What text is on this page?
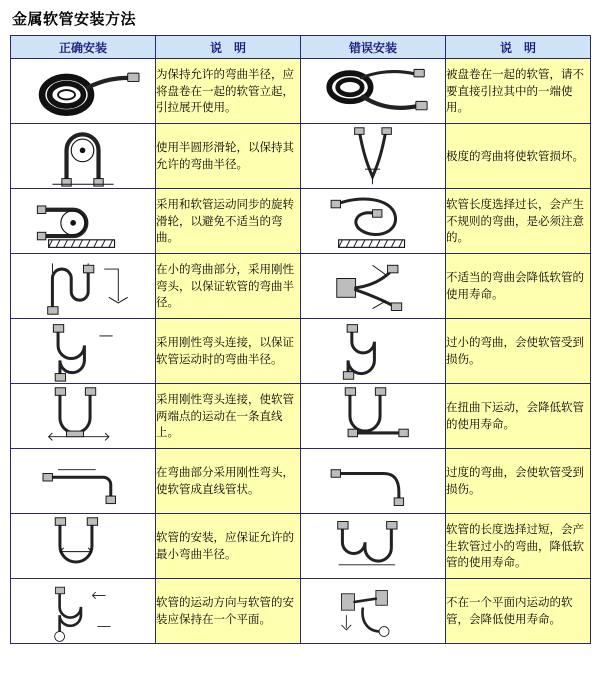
金属软管安装方法
正确安装	说　明	错误安装	说　明

	为保持允许的弯曲半径，应将盘卷在一起的软管立起，引拉展开使用。		被盘卷在一起的软管，请不要直接引拉其中的一端使用。

	使用半圆形滑轮，以保持其允许的弯曲半径。		极度的弯曲将使软管损坏。

	采用和软管运动同步的旋转滑轮，以避免不适当的弯曲。		软管长度选择过长，会产生不规则的弯曲，是必须注意的。

	在小的弯曲部分，采用刚性弯头，以保证软管的弯曲半径。		不适当的弯曲会降低软管的使用寿命。

	采用刚性弯头连接，以保证软管运动时的弯曲半径。		过小的弯曲，会使软管受到损伤。

	采用刚性弯头连接，使软管两端点的运动在一条直线上。		在扭曲下运动，会降低软管的使用寿命。

	在弯曲部分采用刚性弯头，使软管成直线管状。		过度的弯曲，会使软管受到损伤。

	软管的安装，应保证允许的最小弯曲半径。		软管的长度选择过短，会产生软管过小的弯曲，降低软管的使用寿命。

	软管的运动方向与软管的安装应保持在一个平面。		不在一个平面内运动的软管，会降低使用寿命。
